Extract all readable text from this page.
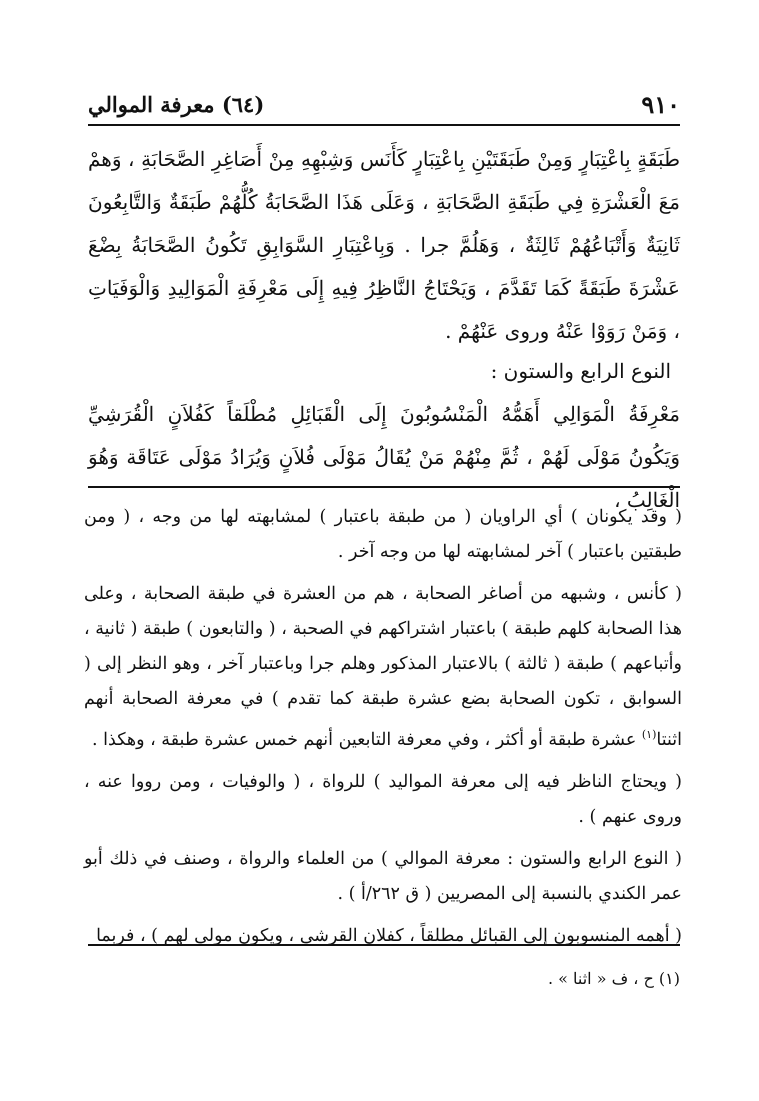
٩١٠
(٦٤) معرفة الموالي

طَبَقَةٍ بِاعْتِبَارٍ وَمِنْ طَبَقَتَيْنِ بِاعْتِبَارٍ كَأَنَس وَشِبْهِهِ مِنْ أَصَاغِرِ الصَّحَابَةِ ، وَهمْ مَعَ الْعَشْرَةِ فِي طَبَقَةِ الصَّحَابَةِ ، وَعَلَى هَذَا الصَّحَابَةُ كُلُّهُمْ طَبَقَةٌ وَالتَّابِعُونَ ثَانِيَةٌ وَأَتْبَاعُهُمْ ثَالِثَةٌ ، وَهَلُمَّ جرا . وَبِاعْتِبَارِ السَّوَابِقِ تَكُونُ الصَّحَابَةُ بِضْعَ عَشْرَةَ طَبَقَةً كَمَا تَقَدَّمَ ، وَيَحْتَاجُ النَّاظِرُ فِيهِ إِلَى مَعْرِفَةِ الْمَوَالِيدِ وَالْوَفَيَاتِ ، وَمَنْ رَوَوْا عَنْهُ وروى عَنْهُمْ .

النوع الرابع والستون :

مَعْرِفَةُ الْمَوَالِي أَهَمُّهُ الْمَنْسُوبُونَ إِلَى الْقَبَائِلِ مُطْلَقاً كَفُلاَنٍ الْقُرَشِيِّ وَيَكُونُ مَوْلَى لَهُمْ ، ثُمَّ مِنْهُمْ مَنْ يُقَالُ مَوْلَى فُلاَنٍ وَيُرَادُ مَوْلَى عَتَاقَة وَهُوَ الْغَالِبُ ،

( وقد يكونان ) أي الراويان ( من طبقة باعتبار ) لمشابهته لها من وجه ، ( ومن طبقتين باعتبار ) آخر لمشابهته لها من وجه آخر .

( كأنس ، وشبهه من أصاغر الصحابة ، هم من العشرة في طبقة الصحابة ، وعلى هذا الصحابة كلهم طبقة ) باعتبار اشتراكهم في الصحبة ، ( والتابعون ) طبقة ( ثانية ، وأتباعهم ) طبقة ( ثالثة ) بالاعتبار المذكور وهلم جرا وباعتبار آخر ، وهو النظر إلى ( السوابق ، تكون الصحابة بضع عشرة طبقة كما تقدم ) في معرفة الصحابة أنهم اثنتا$^{(١)}$ عشرة طبقة أو أكثر ، وفي معرفة التابعين أنهم خمس عشرة طبقة ، وهكذا .

( ويحتاج الناظر فيه إلى معرفة المواليد ) للرواة ، ( والوفيات ، ومن رووا عنه ، وروى عنهم ) .

( النوع الرابع والستون : معرفة الموالي ) من العلماء والرواة ، وصنف في ذلك أبو عمر الكندي بالنسبة إلى المصريين ( ق ٢٦٢/أ ) .

( أهمه المنسوبون إلى القبائل مطلقاً ، كفلان القرشي ، ويكون مولى لهم ) ، فربما

(١) ح ، ف « اثنا » .
